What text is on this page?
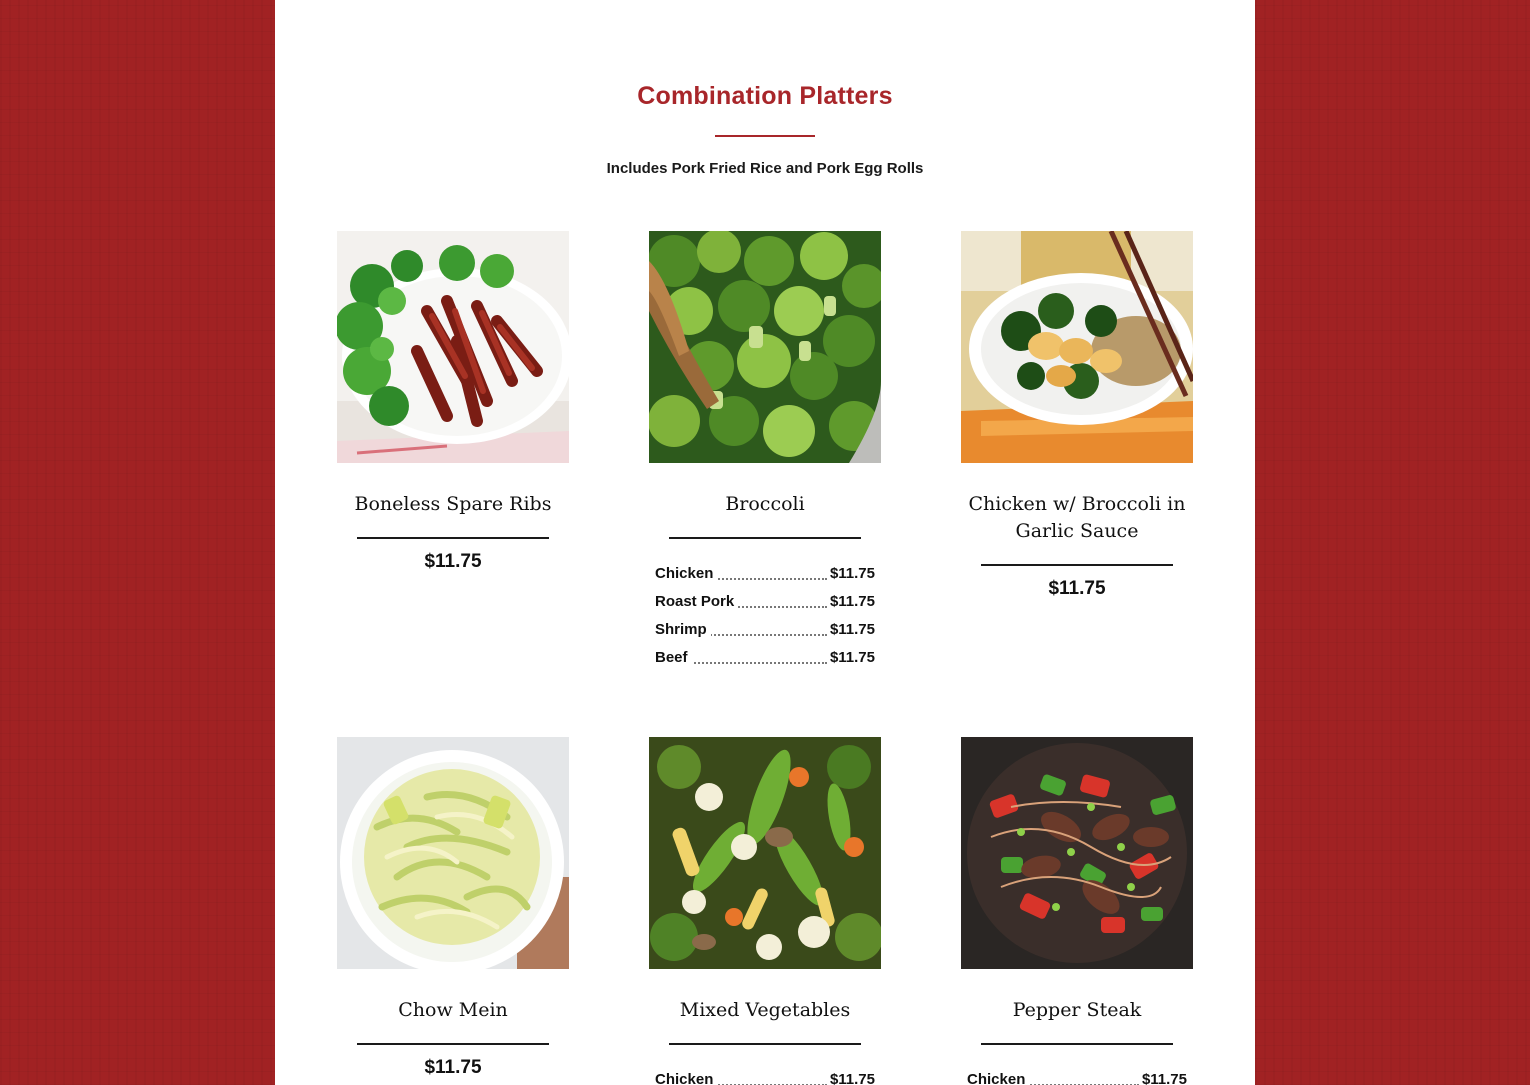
Combination Platters
Includes Pork Fried Rice and Pork Egg Rolls
Boneless Spare Ribs
$11.75
Broccoli
Chicken	$11.75
Roast Pork	$11.75
Shrimp	$11.75
Beef	$11.75
Chicken w/ Broccoli in Garlic Sauce
$11.75
Chow Mein
$11.75
Mixed Vegetables
Chicken	$11.75
Pepper Steak
Chicken	$11.75
